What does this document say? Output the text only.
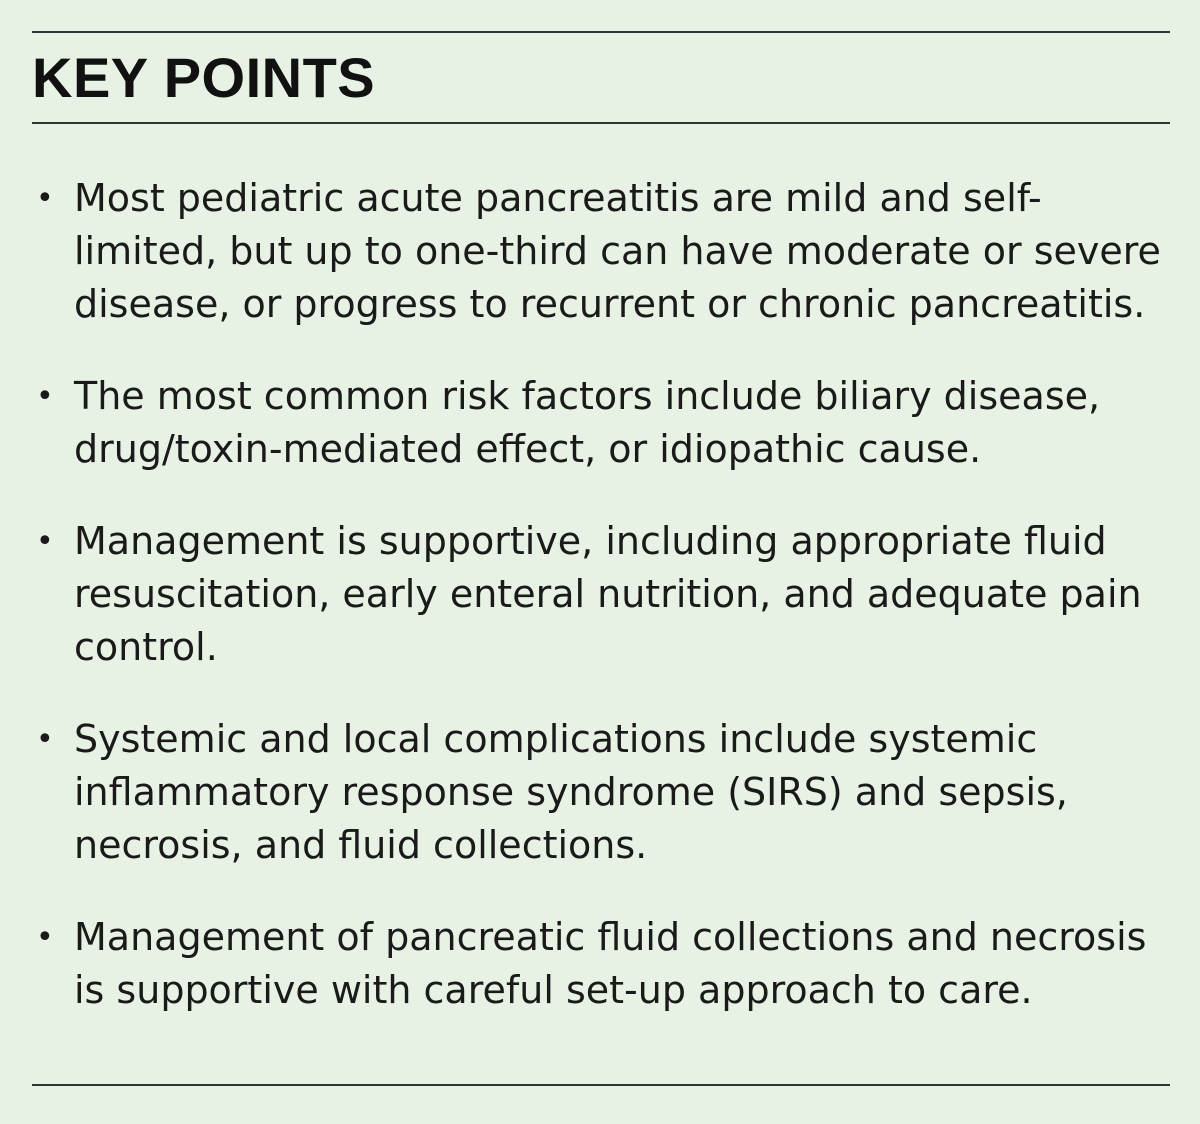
KEY POINTS
• Most pediatric acute pancreatitis are mild and self-limited, but up to one-third can have moderate or severe disease, or progress to recurrent or chronic pancreatitis.
• The most common risk factors include biliary disease, drug/toxin-mediated effect, or idiopathic cause.
• Management is supportive, including appropriate fluid resuscitation, early enteral nutrition, and adequate pain control.
• Systemic and local complications include systemic inflammatory response syndrome (SIRS) and sepsis, necrosis, and fluid collections.
• Management of pancreatic fluid collections and necrosis is supportive with careful set-up approach to care.
